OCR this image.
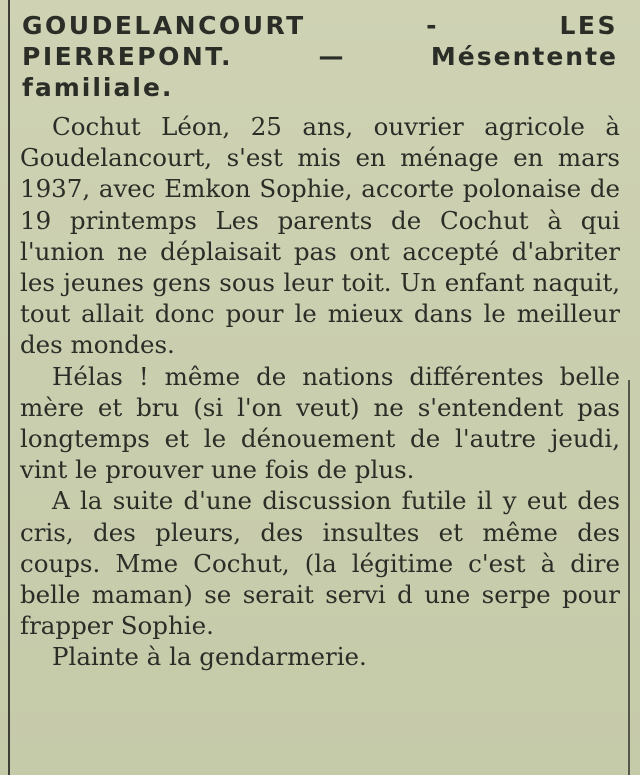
GOUDELANCOURT - LES PIERREPONT. — Mésentente familiale.

Cochut Léon, 25 ans, ouvrier agricole à Goudelancourt, s'est mis en ménage en mars 1937, avec Emkon Sophie, accorte polonaise de 19 printemps Les parents de Cochut à qui l'union ne déplaisait pas ont accepté d'abriter les jeunes gens sous leur toit. Un enfant naquit, tout allait donc pour le mieux dans le meilleur des mondes.

Hélas ! même de nations différentes belle mère et bru (si l'on veut) ne s'entendent pas longtemps et le dénouement de l'autre jeudi, vint le prouver une fois de plus.

A la suite d'une discussion futile il y eut des cris, des pleurs, des insultes et même des coups. Mme Cochut, (la légitime c'est à dire belle maman) se serait servi d une serpe pour frapper Sophie.

Plainte à la gendarmerie.
